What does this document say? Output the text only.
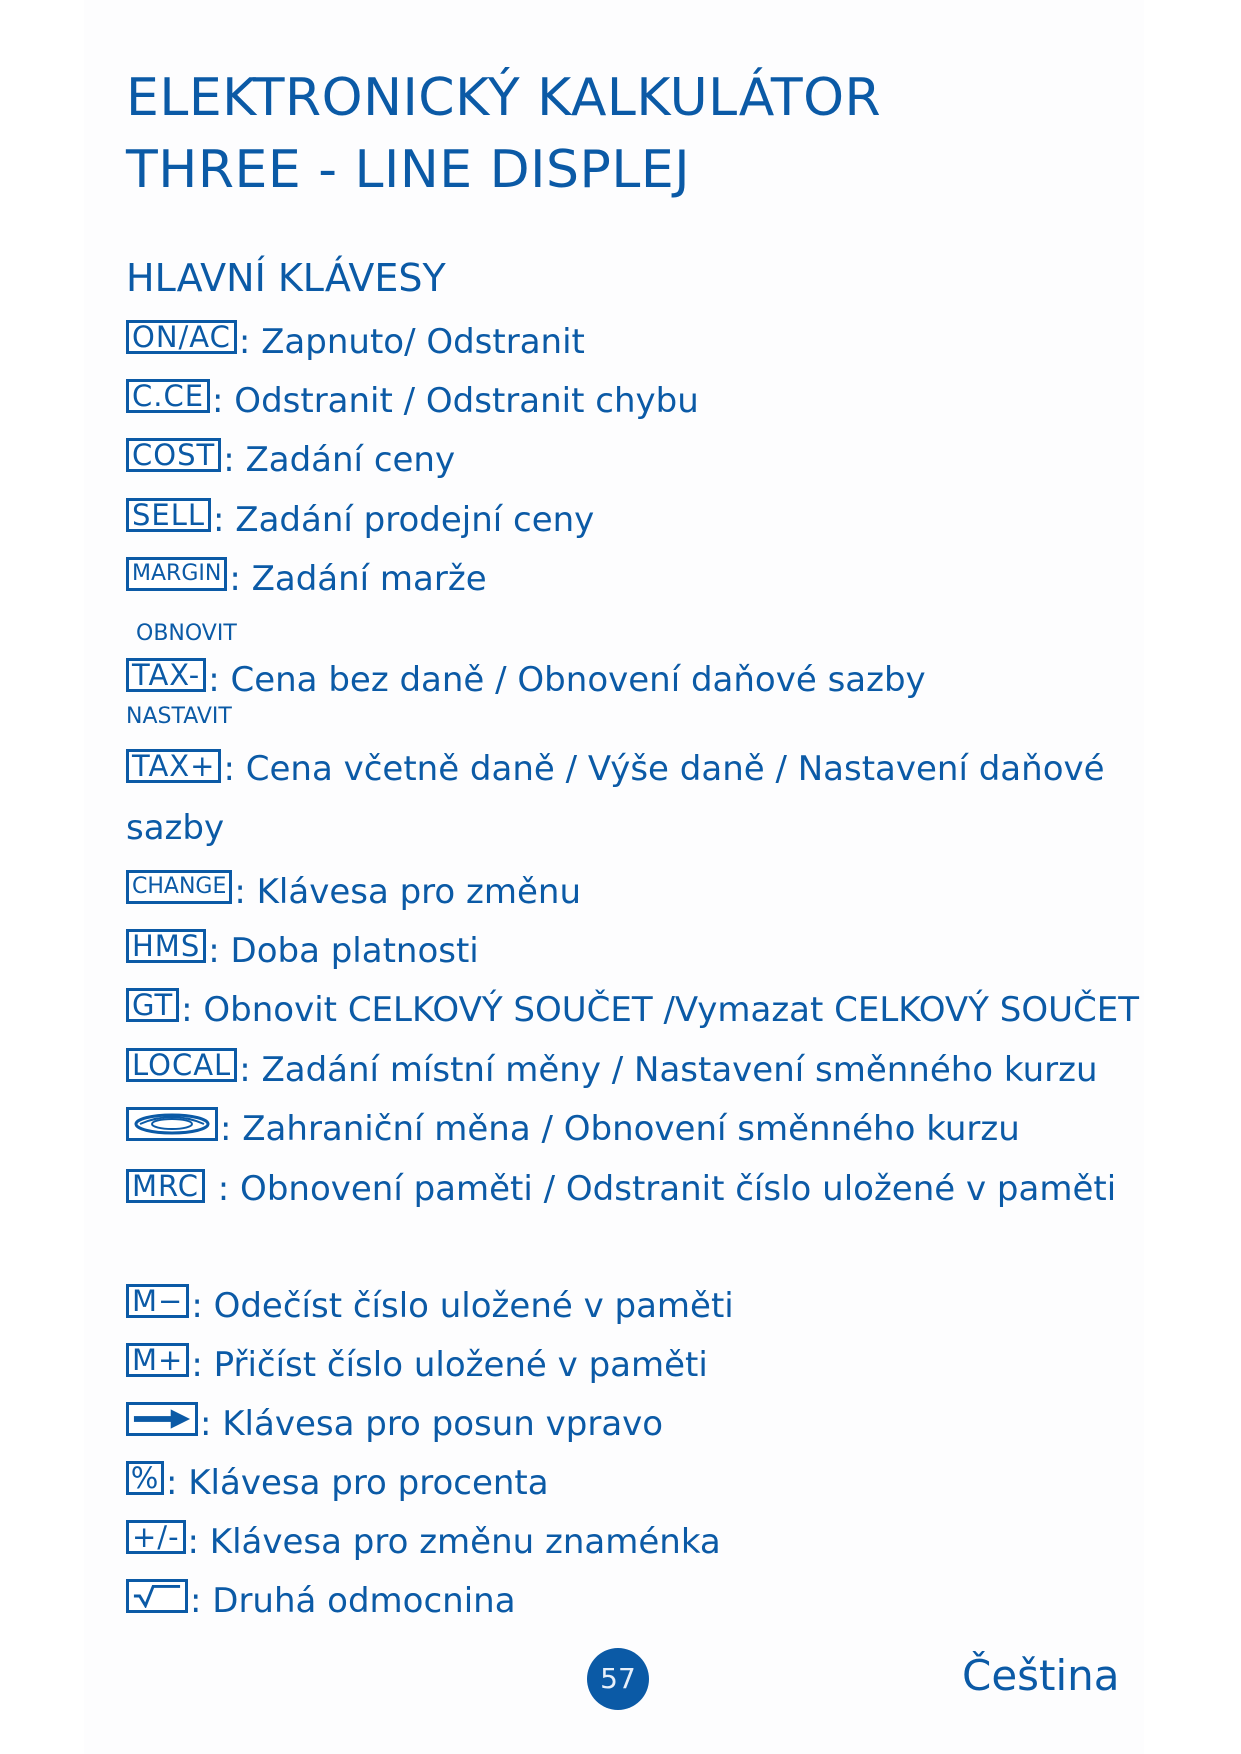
ELEKTRONICKÝ KALKULÁTOR
THREE - LINE DISPLEJ
HLAVNÍ KLÁVESY
ON/AC : Zapnuto/ Odstranit
C.CE : Odstranit / Odstranit chybu
COST : Zadání ceny
SELL : Zadání prodejní ceny
MARGIN : Zadání marže
OBNOVIT
TAX- : Cena bez daně / Obnovení daňové sazby
NASTAVIT
TAX+ : Cena včetně daně / Výše daně / Nastavení daňové sazby
CHANGE : Klávesa pro změnu
HMS : Doba platnosti
GT : Obnovit CELKOVÝ SOUČET /Vymazat CELKOVÝ SOUČET
LOCAL : Zadání místní měny / Nastavení směnného kurzu
: Zahraniční měna / Obnovení směnného kurzu
MRC : Obnovení paměti / Odstranit číslo uložené v paměti
M− : Odečíst číslo uložené v paměti
M+ : Přičíst číslo uložené v paměti
: Klávesa pro posun vpravo
% : Klávesa pro procenta
+/- : Klávesa pro změnu znaménka
: Druhá odmocnina
57	Čeština
